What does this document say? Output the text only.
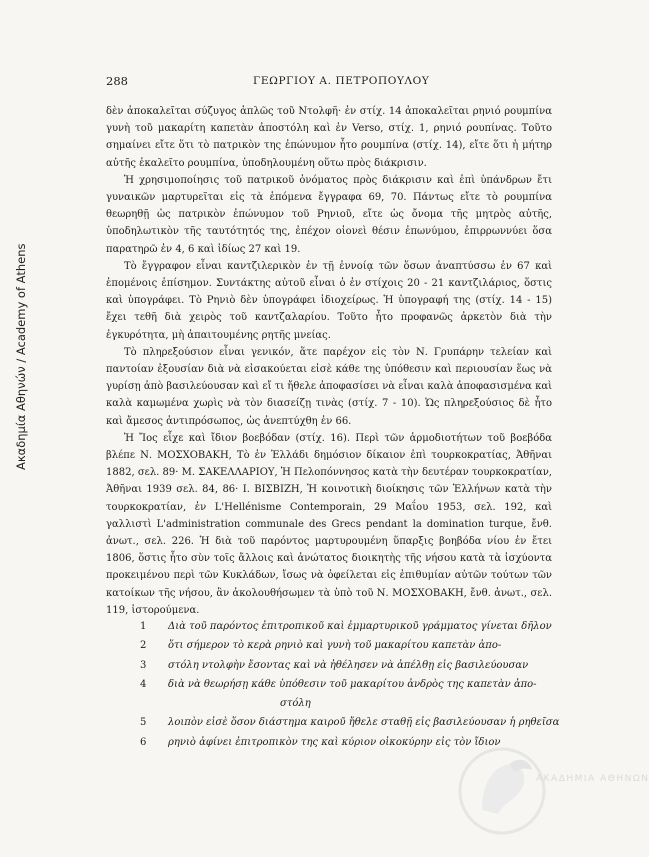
Ακαδημία Αθηνών / Academy of Athens
288	ΓΕΩΡΓΙΟΥ Α. ΠΕΤΡΟΠΟΥΛΟΥ

δὲν ἀποκαλεῖται σύζυγος ἁπλῶς τοῦ Ντολφῆ· ἐν στίχ. 14 ἀποκαλεῖται ρηνιό ρουμπίνα γυνὴ τοῦ μακαρίτη καπετὰν ἀποστόλη καὶ ἐν Verso, στίχ. 1, ρηνιό ρουπίνας. Τοῦτο σημαίνει εἴτε ὅτι τὸ πατρικὸν της ἐπώνυμον ἦτο ρουμπίνα (στίχ. 14), εἴτε ὅτι ἡ μήτηρ αὐτῆς ἐκαλεῖτο ρουμπίνα, ὑποδηλουμένη οὕτω πρὸς διάκρισιν.

Ἡ χρησιμοποίησις τοῦ πατρικοῦ ὀνόματος πρὸς διάκρισιν καὶ ἐπὶ ὑπάνδρων ἔτι γυναικῶν μαρτυρεῖται εἰς τὰ ἑπόμενα ἔγγραφα 69, 70. Πάντως εἴτε τὸ ρουμπίνα θεωρηθῇ ὡς πατρικὸν ἐπώνυμον τοῦ Ρηνιοῦ, εἴτε ὡς ὄνομα τῆς μητρὸς αὐτῆς, ὑποδηλωτικὸν τῆς ταυτότητός της, ἐπέχον οἱονεὶ θέσιν ἐπωνύμου, ἐπιρρωννύει ὅσα παρατηρῶ ἐν 4, 6 καὶ ἰδίως 27 καὶ 19.

Τὸ ἔγγραφον εἶναι καντζιλερικὸν ἐν τῇ ἐννοίᾳ τῶν ὅσων ἀναπτύσσω ἐν 67 καὶ ἑπομένοις ἐπίσημον. Συντάκτης αὐτοῦ εἶναι ὁ ἐν στίχοις 20 - 21 καντζιλάριος, ὅστις καὶ ὑπογράφει. Τὸ Ρηνιὸ δὲν ὑπογράφει ἰδιοχείρως. Ἡ ὑπογραφή της (στίχ. 14 - 15) ἔχει τεθῆ διὰ χειρὸς τοῦ καντζαλαρίου. Τοῦτο ἦτο προφανῶς ἀρκετὸν διὰ τὴν ἐγκυρότητα, μὴ ἀπαιτουμένης ρητῆς μνείας.

Τὸ πληρεξούσιον εἶναι γενικόν, ἅτε παρέχον εἰς τὸν Ν. Γρυπάρην τελείαν καὶ παντοίαν ἐξουσίαν διὰ νὰ εἰσακούεται εἰσὲ κάθε της ὑπόθεσιν καὶ περιουσίαν ἕως νὰ γυρίσῃ ἀπὸ βασιλεύουσαν καὶ εἴ τι ἤθελε ἀποφασίσει νὰ εἶναι καλὰ ἀποφασισμένα καὶ καλὰ καμωμένα χωρὶς νὰ τὸν διασείζῃ τινὰς (στίχ. 7 - 10). Ὡς πληρεξούσιος δὲ ἦτο καὶ ἄμεσος ἀντιπρόσωπος, ὡς ἀνεπτύχθη ἐν 66.

Ἡ Ἴος εἶχε καὶ ἴδιον βοεβόδαν (στίχ. 16). Περὶ τῶν ἁρμοδιοτήτων τοῦ βοεβόδα βλέπε Ν. ΜΟΣΧΟΒΑΚΗ, Τὸ ἐν Ἑλλάδι δημόσιον δίκαιον ἐπὶ τουρκοκρατίας, Ἀθῆναι 1882, σελ. 89· Μ. ΣΑΚΕΛΛΑΡΙΟΥ, Ἡ Πελοπόννησος κατὰ τὴν δευτέραν τουρκοκρατίαν, Ἀθῆναι 1939 σελ. 84, 86· Ι. ΒΙΣΒΙΖΗ, Ἡ κοινοτικὴ διοίκησις τῶν Ἑλλήνων κατὰ τὴν τουρκοκρατίαν, ἐν L'Hellénisme Contemporain, 29 Μαΐου 1953, σελ. 192, καὶ γαλλιστὶ L'administration communale des Grecs pendant la domination turque, ἔνθ. ἀνωτ., σελ. 226. Ἡ διὰ τοῦ παρόντος μαρτυρουμένη ὕπαρξις βοηβόδα νίου ἐν ἔτει 1806, ὅστις ἦτο σὺν τοῖς ἄλλοις καὶ ἀνώτατος διοικητὴς τῆς νήσου κατὰ τὰ ἰσχύοντα προκειμένου περὶ τῶν Κυκλάδων, ἴσως νὰ ὀφείλεται εἰς ἐπιθυμίαν αὐτῶν τούτων τῶν κατοίκων τῆς νήσου, ἂν ἀκολουθήσωμεν τὰ ὑπὸ τοῦ Ν. ΜΟΣΧΟΒΑΚΗ, ἔνθ. ἀνωτ., σελ. 119, ἱστορούμενα.

1	Διὰ τοῦ παρόντος ἐπιτροπικοῦ καὶ ἐμμαρτυρικοῦ γράμματος γίνεται δῆλον
2	ὅτι σήμερον τὸ κερὰ ρηνιὸ καὶ γυνὴ τοῦ μακαρίτου καπετὰν ἀπο-
3	στόλη ντολφὴν ἔσοντας καὶ νὰ ἠθέλησεν νὰ ἀπέλθῃ εἰς βασιλεύουσαν
4	διὰ νὰ θεωρήσῃ κάθε ὑπόθεσιν τοῦ μακαρίτου ἀνδρὸς της καπετὰν ἀπο-
στόλη
5	λοιπὸν εἰσὲ ὅσον διάστημα καιροῦ ἤθελε σταθῇ εἰς βασιλεύουσαν ἡ ρηθεῖσα
6	ρηνιὸ ἀφίνει ἐπιτροπικὸν της καὶ κύριον οἰκοκύρην εἰς τὸν ἴδιον
ΑΚΑΔΗΜΙΑ ΑΘΗΝΩΝ
